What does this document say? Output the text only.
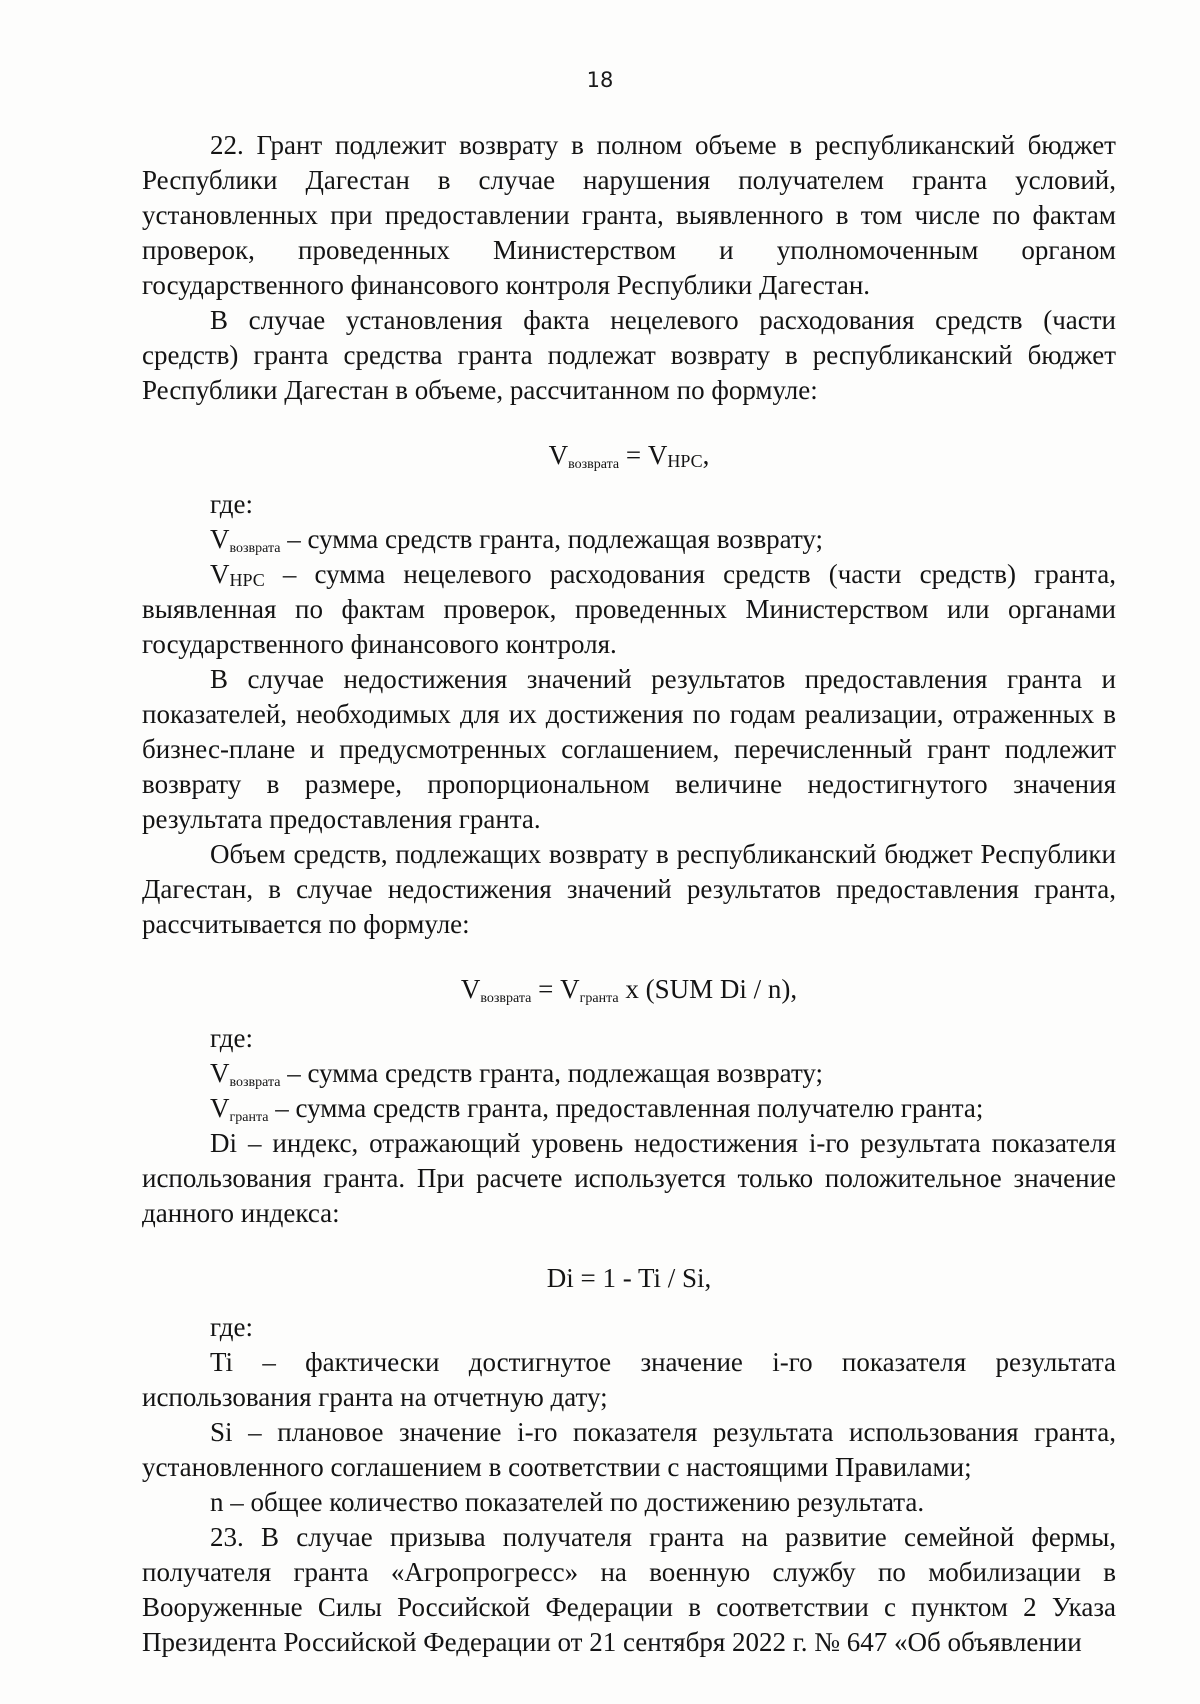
18

22. Грант подлежит возврату в полном объеме в республиканский бюджет Республики Дагестан в случае нарушения получателем гранта условий, установленных при предоставлении гранта, выявленного в том числе по фактам проверок, проведенных Министерством и уполномоченным органом государственного финансового контроля Республики Дагестан.

В случае установления факта нецелевого расходования средств (части средств) гранта средства гранта подлежат возврату в республиканский бюджет Республики Дагестан в объеме, рассчитанном по формуле:

$V_{возврата} = V_{НРС}$,

где:

$V_{возврата}$ – сумма средств гранта, подлежащая возврату;

$V_{НРС}$ – сумма нецелевого расходования средств (части средств) гранта, выявленная по фактам проверок, проведенных Министерством или органами государственного финансового контроля.

В случае недостижения значений результатов предоставления гранта и показателей, необходимых для их достижения по годам реализации, отраженных в бизнес-плане и предусмотренных соглашением, перечисленный грант подлежит возврату в размере, пропорциональном величине недостигнутого значения результата предоставления гранта.

Объем средств, подлежащих возврату в республиканский бюджет Республики Дагестан, в случае недостижения значений результатов предоставления гранта, рассчитывается по формуле:

$V_{возврата} = V_{гранта}$ x (SUM Di / n),

где:

$V_{возврата}$ – сумма средств гранта, подлежащая возврату;

$V_{гранта}$ – сумма средств гранта, предоставленная получателю гранта;

Di – индекс, отражающий уровень недостижения i-го результата показателя использования гранта. При расчете используется только положительное значение данного индекса:

Di = 1 - Ti / Si,

где:

Ti – фактически достигнутое значение i-го показателя результата использования гранта на отчетную дату;

Si – плановое значение i-го показателя результата использования гранта, установленного соглашением в соответствии с настоящими Правилами;

n – общее количество показателей по достижению результата.

23. В случае призыва получателя гранта на развитие семейной фермы, получателя гранта «Агропрогресс» на военную службу по мобилизации в Вооруженные Силы Российской Федерации в соответствии с пунктом 2 Указа Президента Российской Федерации от 21 сентября 2022 г. № 647 «Об объявлении
